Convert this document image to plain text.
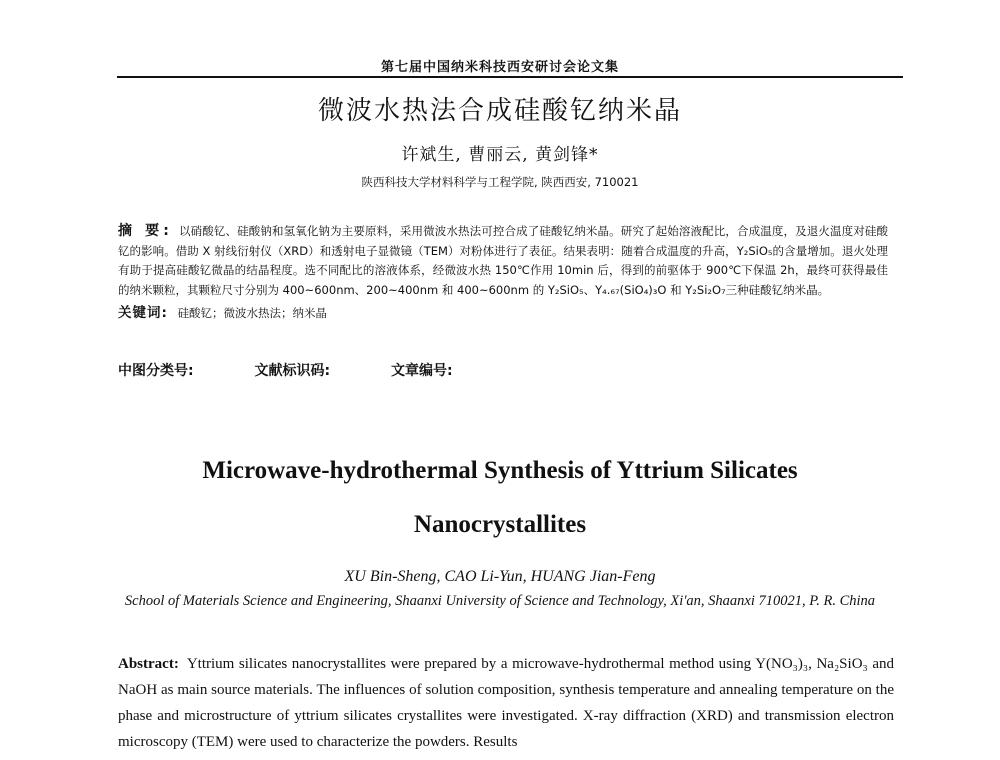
第七届中国纳米科技西安研讨会论文集
微波水热法合成硅酸钇纳米晶
许斌生, 曹丽云, 黄剑锋*
陕西科技大学材料科学与工程学院, 陕西西安, 710021
摘 要: 以硝酸钇、硅酸钠和氢氧化钠为主要原料，采用微波水热法可控合成了硅酸钇纳米晶。研究了起始溶液配比，合成温度，及退火温度对硅酸钇的影响。借助 X 射线衍射仪（XRD）和透射电子显微镜（TEM）对粉体进行了表征。结果表明：随着合成温度的升高，Y₂SiO₅的含量增加。退火处理有助于提高硅酸钇微晶的结晶程度。选不同配比的溶液体系，经微波水热 150℃作用 10min 后，得到的前驱体于 900℃下保温 2h，最终可获得最佳的纳米颗粒，其颗粒尺寸分别为 400~600nm、200~400nm 和 400~600nm 的 Y₂SiO₅、Y₄.₆₇(SiO₄)₃O 和 Y₂Si₂O₇三种硅酸钇纳米晶。
关键词: 硅酸钇；微波水热法；纳米晶
中图分类号:	文献标识码:	文章编号:
Microwave-hydrothermal Synthesis of Yttrium Silicates
Nanocrystallites
XU Bin-Sheng, CAO Li-Yun, HUANG Jian-Feng
School of Materials Science and Engineering, Shaanxi University of Science and Technology, Xi'an, Shaanxi 710021, P. R. China
Abstract: Yttrium silicates nanocrystallites were prepared by a microwave-hydrothermal method using Y(NO₃)₃, Na₂SiO₃ and NaOH as main source materials. The influences of solution composition, synthesis temperature and annealing temperature on the phase and microstructure of yttrium silicates crystallites were investigated. X-ray diffraction (XRD) and transmission electron microscopy (TEM) were used to characterize the powders. Results
